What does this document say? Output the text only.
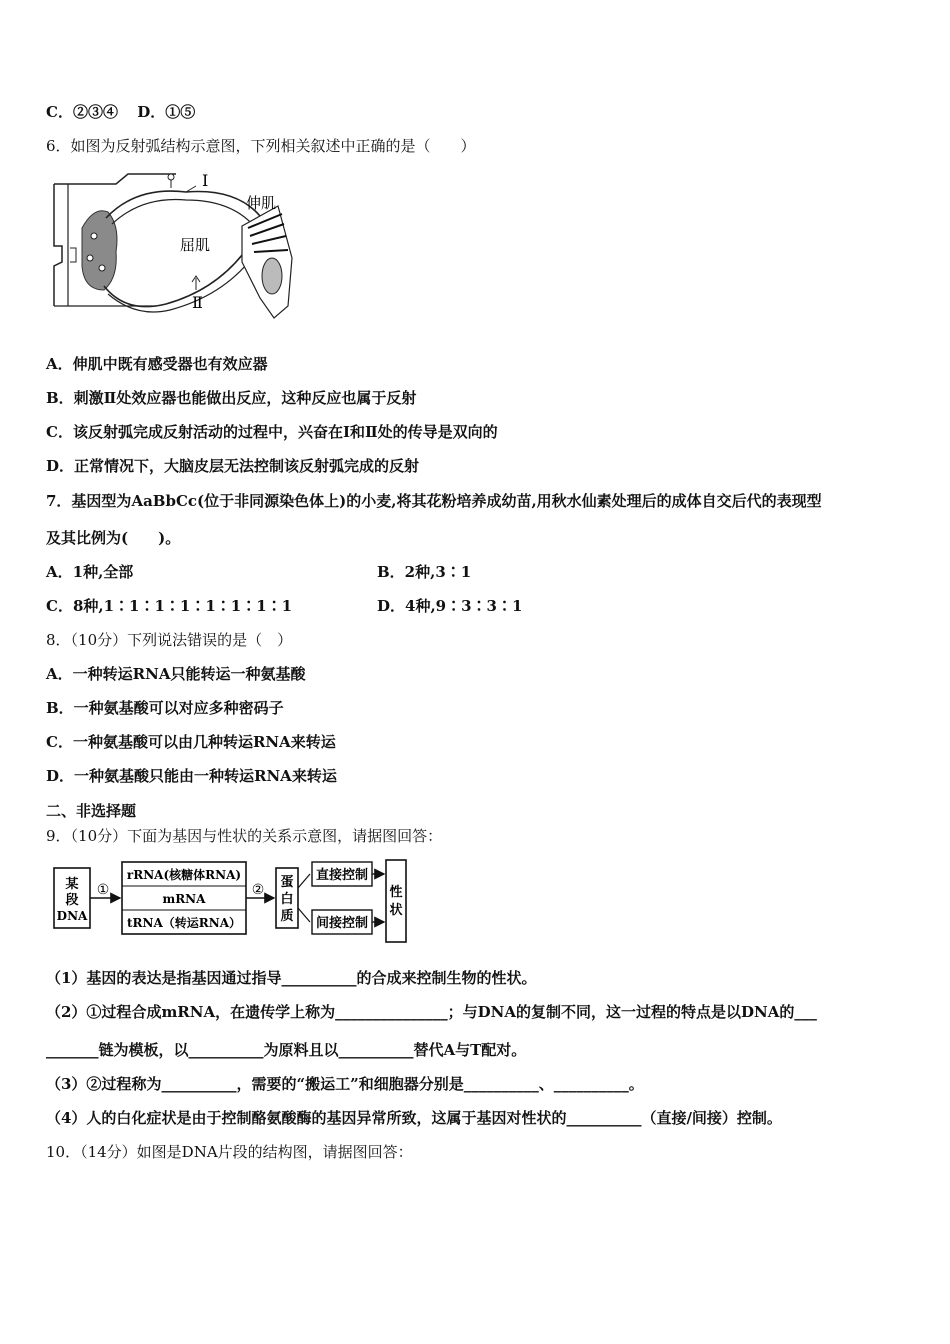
C．②③④ D．①⑤
6．如图为反射弧结构示意图，下列相关叙述中正确的是（　　）
Ⅰ
伸肌
屈肌
Ⅱ
A．伸肌中既有感受器也有效应器
B．刺激Ⅱ处效应器也能做出反应，这种反应也属于反射
C．该反射弧完成反射活动的过程中，兴奋在Ⅰ和Ⅱ处的传导是双向的
D．正常情况下，大脑皮层无法控制该反射弧完成的反射
7．基因型为AaBbCc(位于非同源染色体上)的小麦,将其花粉培养成幼苗,用秋水仙素处理后的成体自交后代的表现型
及其比例为(　　)。
A．1种,全部	B．2种,3∶1
C．8种,1∶1∶1∶1∶1∶1∶1∶1	D．4种,9∶3∶3∶1
8．（10分）下列说法错误的是（　）
A．一种转运RNA只能转运一种氨基酸
B．一种氨基酸可以对应多种密码子
C．一种氨基酸可以由几种转运RNA来转运
D．一种氨基酸只能由一种转运RNA来转运
二、非选择题
9．（10分）下面为基因与性状的关系示意图，请据图回答：
某
段
DNA
①
rRNA(核糖体RNA)
mRNA
tRNA（转运RNA）
② 蛋
白
质
直接控制
间接控制
性
状
（1）基因的表达是指基因通过指导__________的合成来控制生物的性状。
（2）①过程合成mRNA，在遗传学上称为_______________；与DNA的复制不同，这一过程的特点是以DNA的___
_______链为模板，以__________为原料且以__________替代A与T配对。
（3）②过程称为__________，需要的“搬运工”和细胞器分别是__________、__________。
（4）人的白化症状是由于控制酪氨酸酶的基因异常所致，这属于基因对性状的__________（直接/间接）控制。
10．（14分）如图是DNA片段的结构图，请据图回答：
